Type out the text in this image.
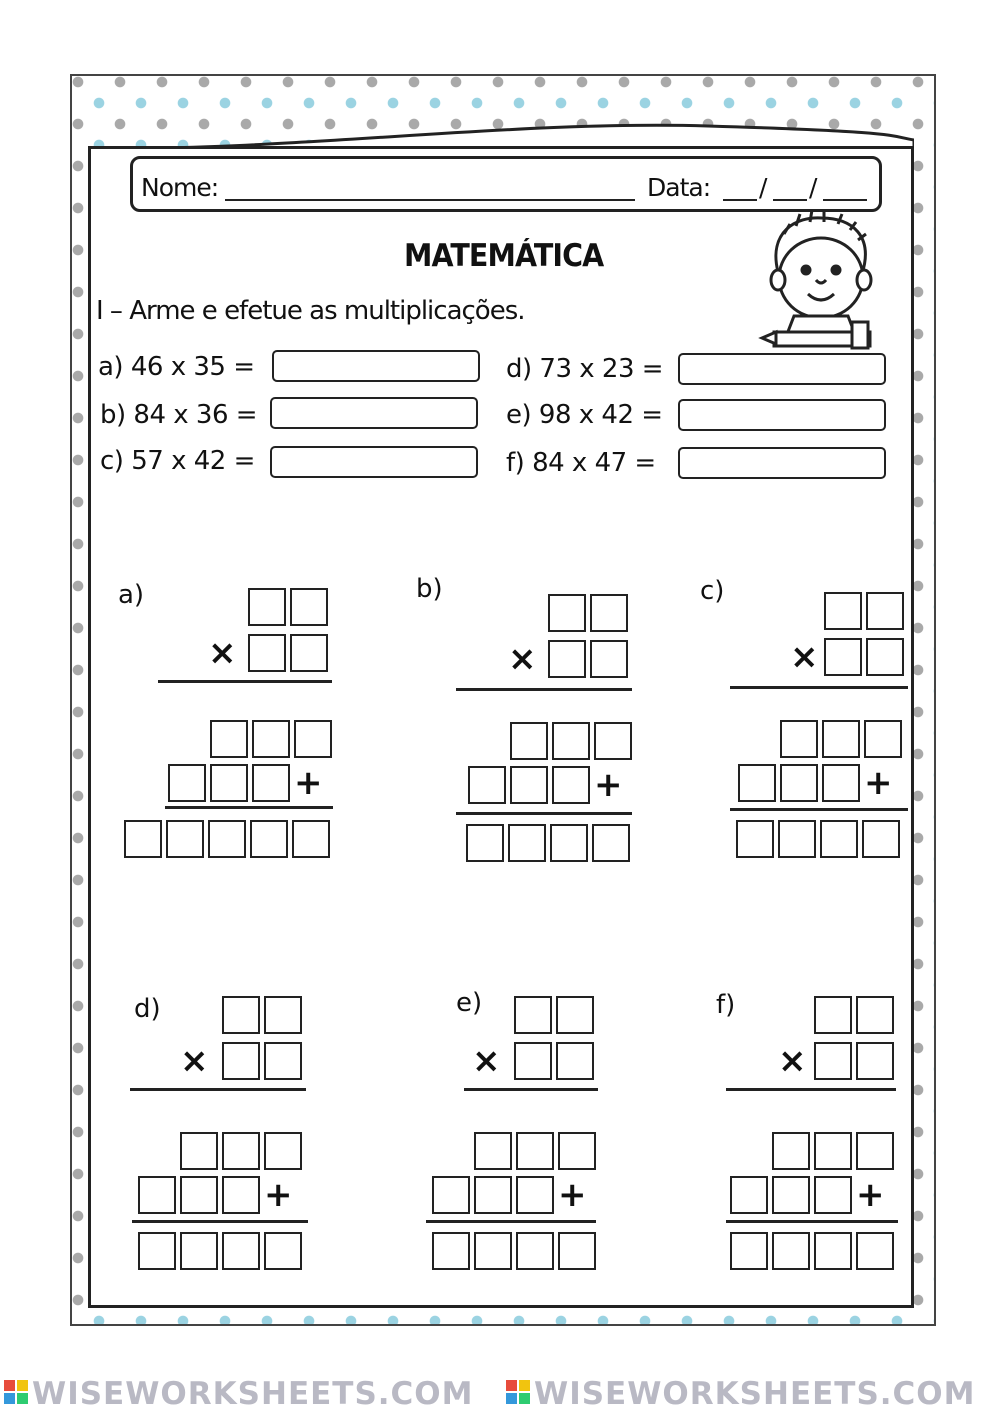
Nome:	Data: / /
MATEMÁTICA
I – Arme e efetue as multiplicações.
a) 46 x 35 =
b) 84 x 36 =
c) 57 x 42 =
d) 73 x 23 =
e) 98 x 42 =
f) 84 x 47 =
a)
×
+
b)
×
+
c)
×
+
d)
×
+
e)
×
+
f)
×
+
WISEWORKSHEETS.COM WISEWORKSHEETS.COM
